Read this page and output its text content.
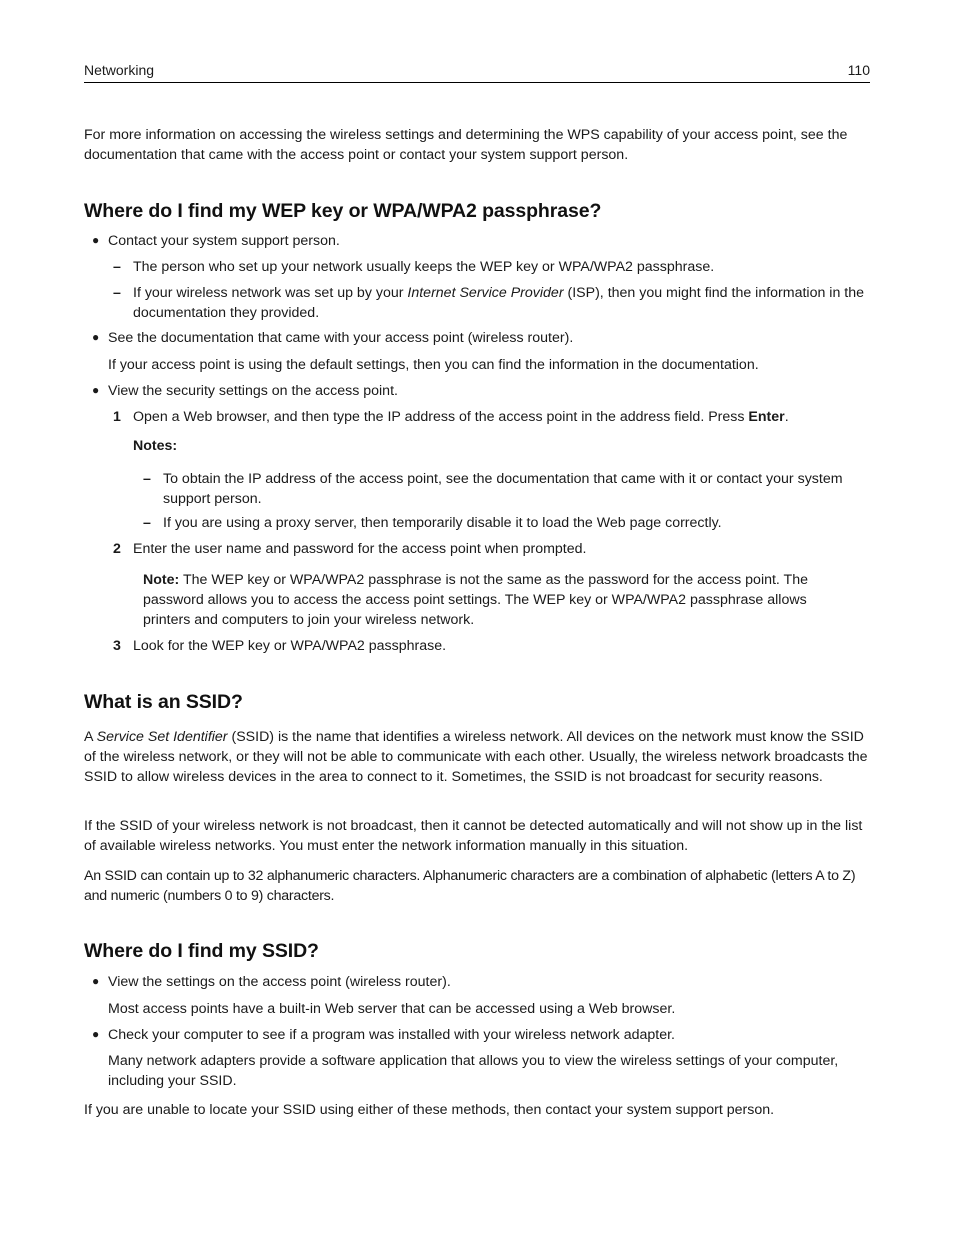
Networking	110

For more information on accessing the wireless settings and determining the WPS capability of your access point, see the documentation that came with the access point or contact your system support person.

Where do I find my WEP key or WPA/WPA2 passphrase?
● Contact your system support person.

– The person who set up your network usually keeps the WEP key or WPA/WPA2 passphrase.

– If your wireless network was set up by your Internet Service Provider (ISP), then you might find the information in the documentation they provided.

● See the documentation that came with your access point (wireless router).

If your access point is using the default settings, then you can find the information in the documentation.

● View the security settings on the access point.

1 Open a Web browser, and then type the IP address of the access point in the address field. Press Enter.

Notes:

– To obtain the IP address of the access point, see the documentation that came with it or contact your system support person.

– If you are using a proxy server, then temporarily disable it to load the Web page correctly.

2 Enter the user name and password for the access point when prompted.

Note: The WEP key or WPA/WPA2 passphrase is not the same as the password for the access point. The password allows you to access the access point settings. The WEP key or WPA/WPA2 passphrase allows printers and computers to join your wireless network.

3 Look for the WEP key or WPA/WPA2 passphrase.

What is an SSID?

A Service Set Identifier (SSID) is the name that identifies a wireless network. All devices on the network must know the SSID of the wireless network, or they will not be able to communicate with each other. Usually, the wireless network broadcasts the SSID to allow wireless devices in the area to connect to it. Sometimes, the SSID is not broadcast for security reasons.

If the SSID of your wireless network is not broadcast, then it cannot be detected automatically and will not show up in the list of available wireless networks. You must enter the network information manually in this situation.

An SSID can contain up to 32 alphanumeric characters. Alphanumeric characters are a combination of alphabetic (letters A to Z) and numeric (numbers 0 to 9) characters.

Where do I find my SSID?
● View the settings on the access point (wireless router).

Most access points have a built-in Web server that can be accessed using a Web browser.

● Check your computer to see if a program was installed with your wireless network adapter.

Many network adapters provide a software application that allows you to view the wireless settings of your computer, including your SSID.

If you are unable to locate your SSID using either of these methods, then contact your system support person.
